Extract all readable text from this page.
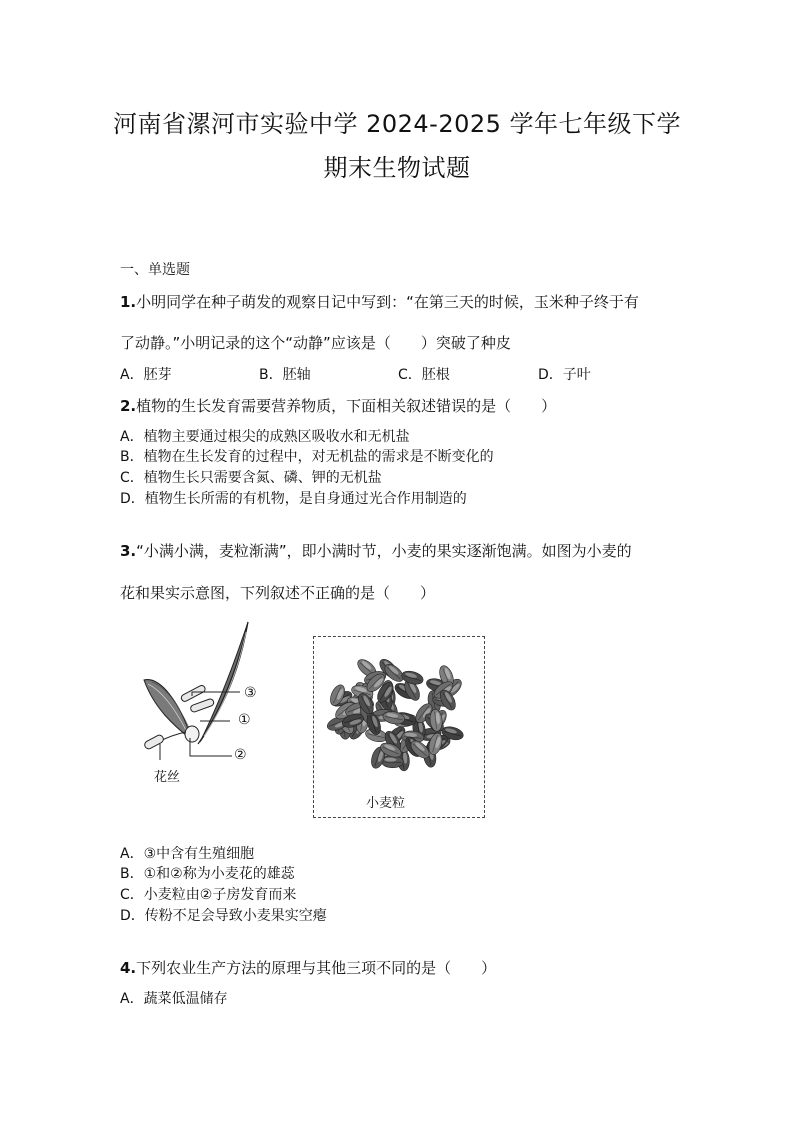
河南省漯河市实验中学 2024-2025 学年七年级下学
期末生物试题
一、单选题
1.小明同学在种子萌发的观察日记中写到：“在第三天的时候，玉米种子终于有
了动静。”小明记录的这个“动静”应该是（　　）突破了种皮
A．胚芽	B．胚轴	C．胚根	D．子叶
2.植物的生长发育需要营养物质，下面相关叙述错误的是（　　）
A．植物主要通过根尖的成熟区吸收水和无机盐
B．植物在生长发育的过程中，对无机盐的需求是不断变化的
C．植物生长只需要含氮、磷、钾的无机盐
D．植物生长所需的有机物，是自身通过光合作用制造的
3.“小满小满，麦粒渐满”，即小满时节，小麦的果实逐渐饱满。如图为小麦的
花和果实示意图，下列叙述不正确的是（　　）
③
①
②
花丝
小麦粒
A．③中含有生殖细胞
B．①和②称为小麦花的雄蕊
C．小麦粒由②子房发育而来
D．传粉不足会导致小麦果实空瘪
4.下列农业生产方法的原理与其他三项不同的是（　　）
A．蔬菜低温储存
